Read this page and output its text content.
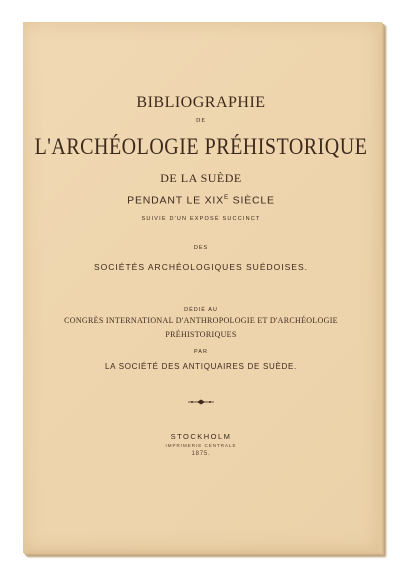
BIBLIOGRAPHIE
DE
L'ARCHÉOLOGIE PRÉHISTORIQUE
DE LA SUÈDE
PENDANT LE $XIX^E$ SIÈCLE
SUIVIE D'UN EXPOSÉ SUCCINCT
DES
SOCIÉTÉS ARCHÉOLOGIQUES SUÉDOISES.
DÉDIÉ AU
CONGRÈS INTERNATIONAL D'ANTHROPOLOGIE ET D'ARCHÉOLOGIE
PRÉHISTORIQUES
PAR
LA SOCIÉTÉ DES ANTIQUAIRES DE SUÈDE.
STOCKHOLM
IMPRIMERIE CENTRALE
1875.
